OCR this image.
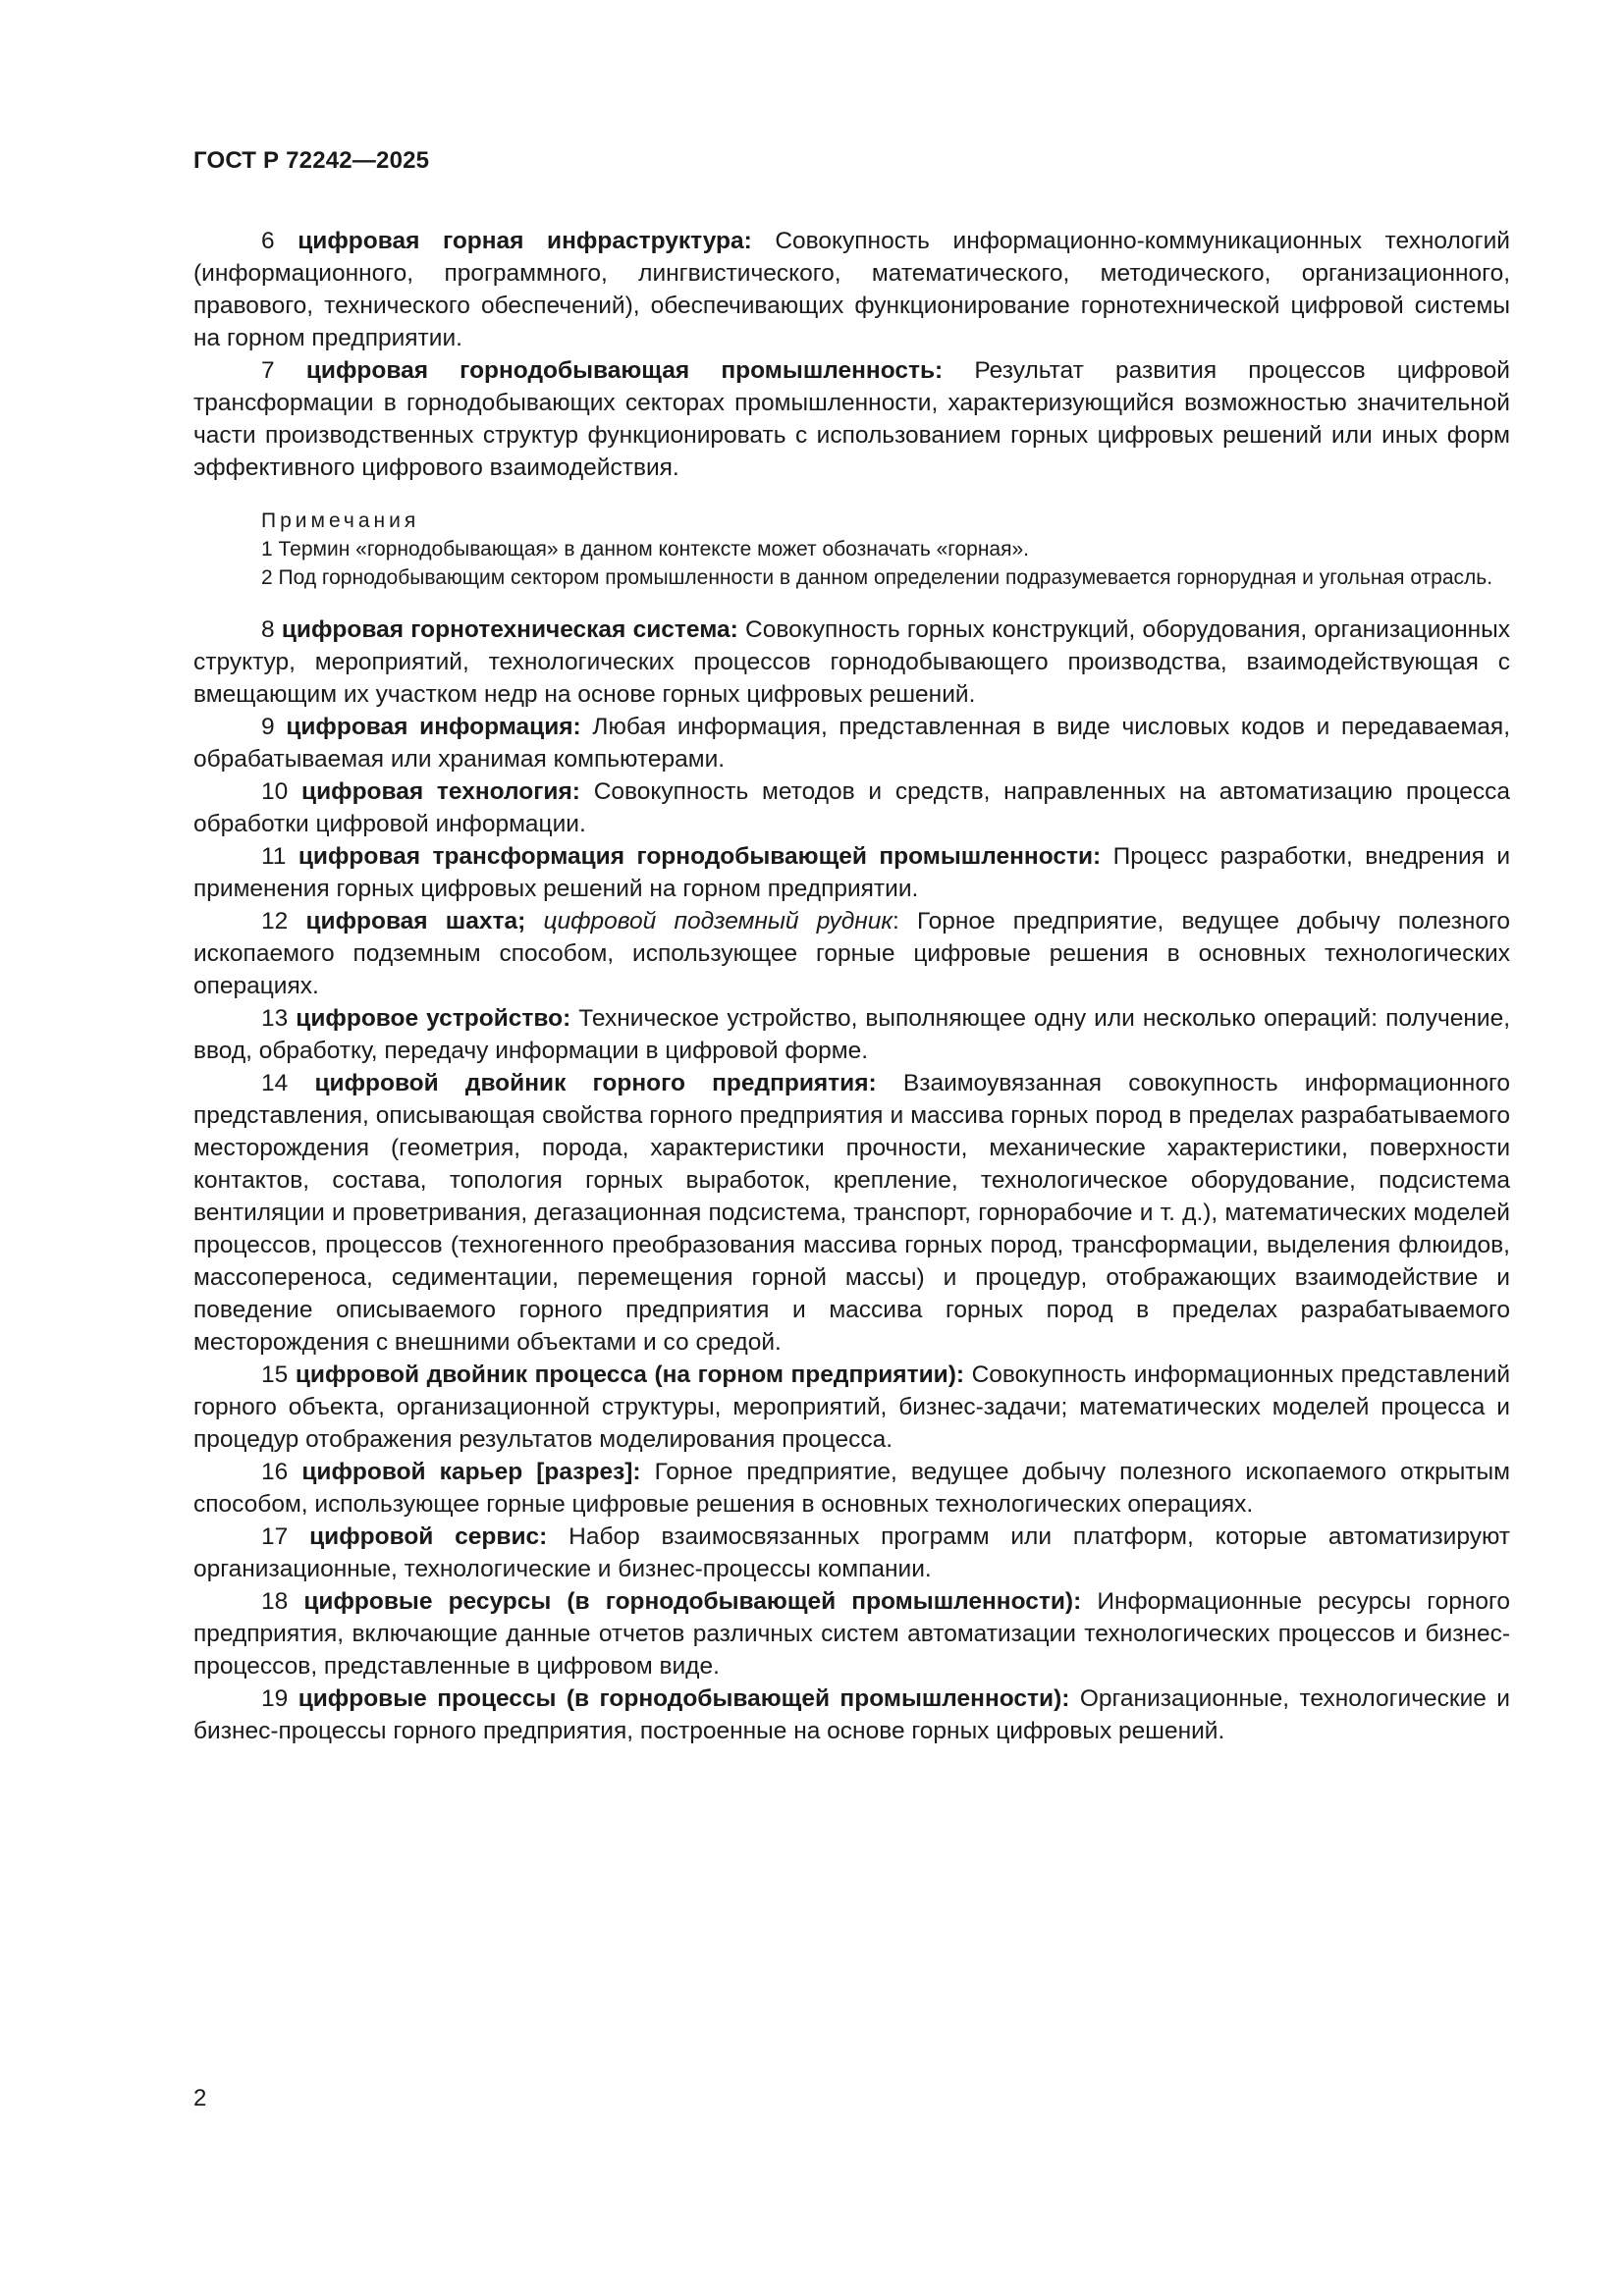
ГОСТ Р 72242—2025

6 цифровая горная инфраструктура: Совокупность информационно-коммуникационных технологий (информационного, программного, лингвистического, математического, методического, организационного, правового, технического обеспечений), обеспечивающих функционирование горнотехнической цифровой системы на горном предприятии.

7 цифровая горнодобывающая промышленность: Результат развития процессов цифровой трансформации в горнодобывающих секторах промышленности, характеризующийся возможностью значительной части производственных структур функционировать с использованием горных цифровых решений или иных форм эффективного цифрового взаимодействия.

Примечания

1 Термин «горнодобывающая» в данном контексте может обозначать «горная».

2 Под горнодобывающим сектором промышленности в данном определении подразумевается горнорудная и угольная отрасль.

8 цифровая горнотехническая система: Совокупность горных конструкций, оборудования, организационных структур, мероприятий, технологических процессов горнодобывающего производства, взаимодействующая с вмещающим их участком недр на основе горных цифровых решений.

9 цифровая информация: Любая информация, представленная в виде числовых кодов и передаваемая, обрабатываемая или хранимая компьютерами.

10 цифровая технология: Совокупность методов и средств, направленных на автоматизацию процесса обработки цифровой информации.

11 цифровая трансформация горнодобывающей промышленности: Процесс разработки, внедрения и применения горных цифровых решений на горном предприятии.

12 цифровая шахта; цифровой подземный рудник: Горное предприятие, ведущее добычу полезного ископаемого подземным способом, использующее горные цифровые решения в основных технологических операциях.

13 цифровое устройство: Техническое устройство, выполняющее одну или несколько операций: получение, ввод, обработку, передачу информации в цифровой форме.

14 цифровой двойник горного предприятия: Взаимоувязанная совокупность информационного представления, описывающая свойства горного предприятия и массива горных пород в пределах разрабатываемого месторождения (геометрия, порода, характеристики прочности, механические характеристики, поверхности контактов, состава, топология горных выработок, крепление, технологическое оборудование, подсистема вентиляции и проветривания, дегазационная подсистема, транспорт, горнорабочие и т. д.), математических моделей процессов, процессов (техногенного преобразования массива горных пород, трансформации, выделения флюидов, массопереноса, седиментации, перемещения горной массы) и процедур, отображающих взаимодействие и поведение описываемого горного предприятия и массива горных пород в пределах разрабатываемого месторождения с внешними объектами и со средой.

15 цифровой двойник процесса (на горном предприятии): Совокупность информационных представлений горного объекта, организационной структуры, мероприятий, бизнес-задачи; математических моделей процесса и процедур отображения результатов моделирования процесса.

16 цифровой карьер [разрез]: Горное предприятие, ведущее добычу полезного ископаемого открытым способом, использующее горные цифровые решения в основных технологических операциях.

17 цифровой сервис: Набор взаимосвязанных программ или платформ, которые автоматизируют организационные, технологические и бизнес-процессы компании.

18 цифровые ресурсы (в горнодобывающей промышленности): Информационные ресурсы горного предприятия, включающие данные отчетов различных систем автоматизации технологических процессов и бизнес-процессов, представленные в цифровом виде.

19 цифровые процессы (в горнодобывающей промышленности): Организационные, технологические и бизнес-процессы горного предприятия, построенные на основе горных цифровых решений.

2
